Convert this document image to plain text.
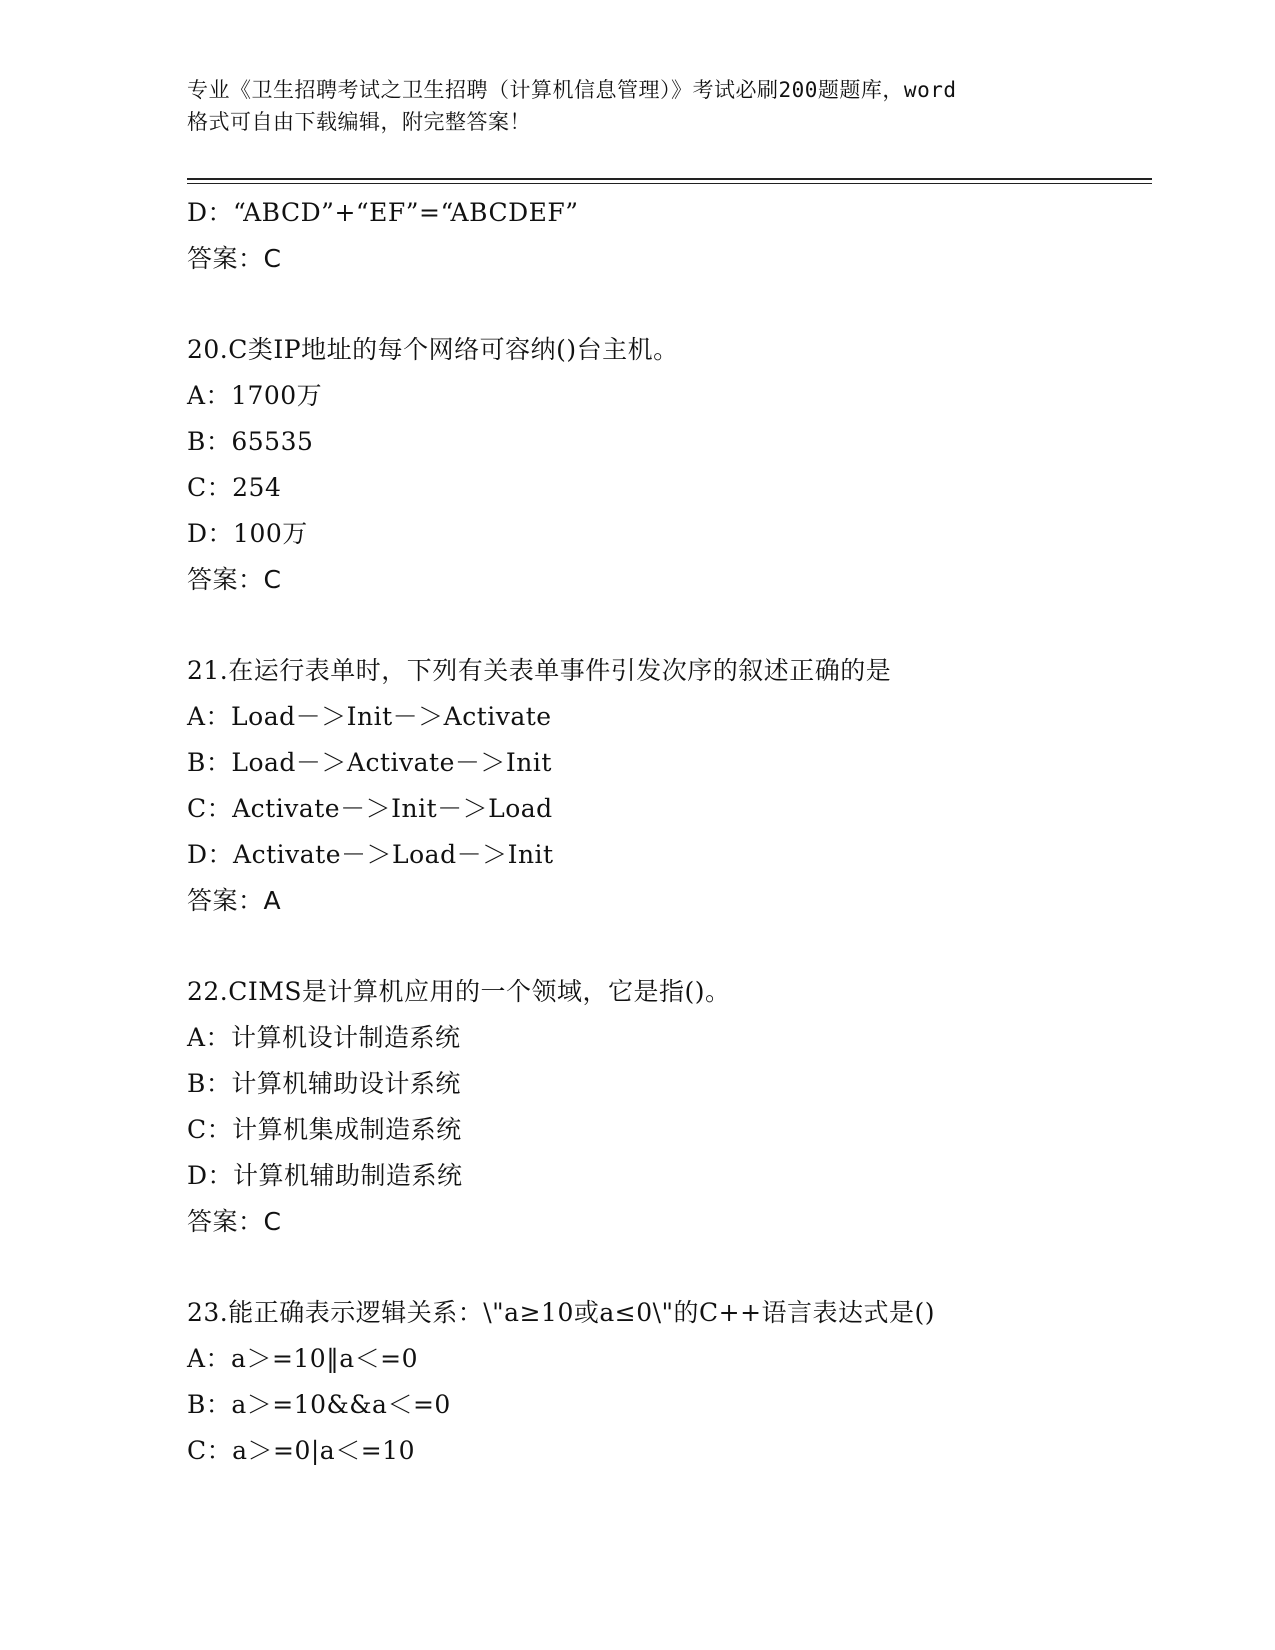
专业《卫生招聘考试之卫生招聘（计算机信息管理）》考试必刷200题题库，word
格式可自由下载编辑，附完整答案！
D：“ABCD”+“EF”=“ABCDEF”
答案：C
20.C类IP地址的每个网络可容纳()台主机。
A：1700万
B：65535
C：254
D：100万
答案：C
21.在运行表单时，下列有关表单事件引发次序的叙述正确的是
A：Load－＞Init－＞Activate
B：Load－＞Activate－＞Init
C：Activate－＞Init－＞Load
D：Activate－＞Load－＞Init
答案：A
22.CIMS是计算机应用的一个领域，它是指()。
A：计算机设计制造系统
B：计算机辅助设计系统
C：计算机集成制造系统
D：计算机辅助制造系统
答案：C
23.能正确表示逻辑关系：\"a≥10或a≤0\"的C++语言表达式是()
A：a＞=10‖a＜=0
B：a＞=10&&a＜=0
C：a＞=0|a＜=10
